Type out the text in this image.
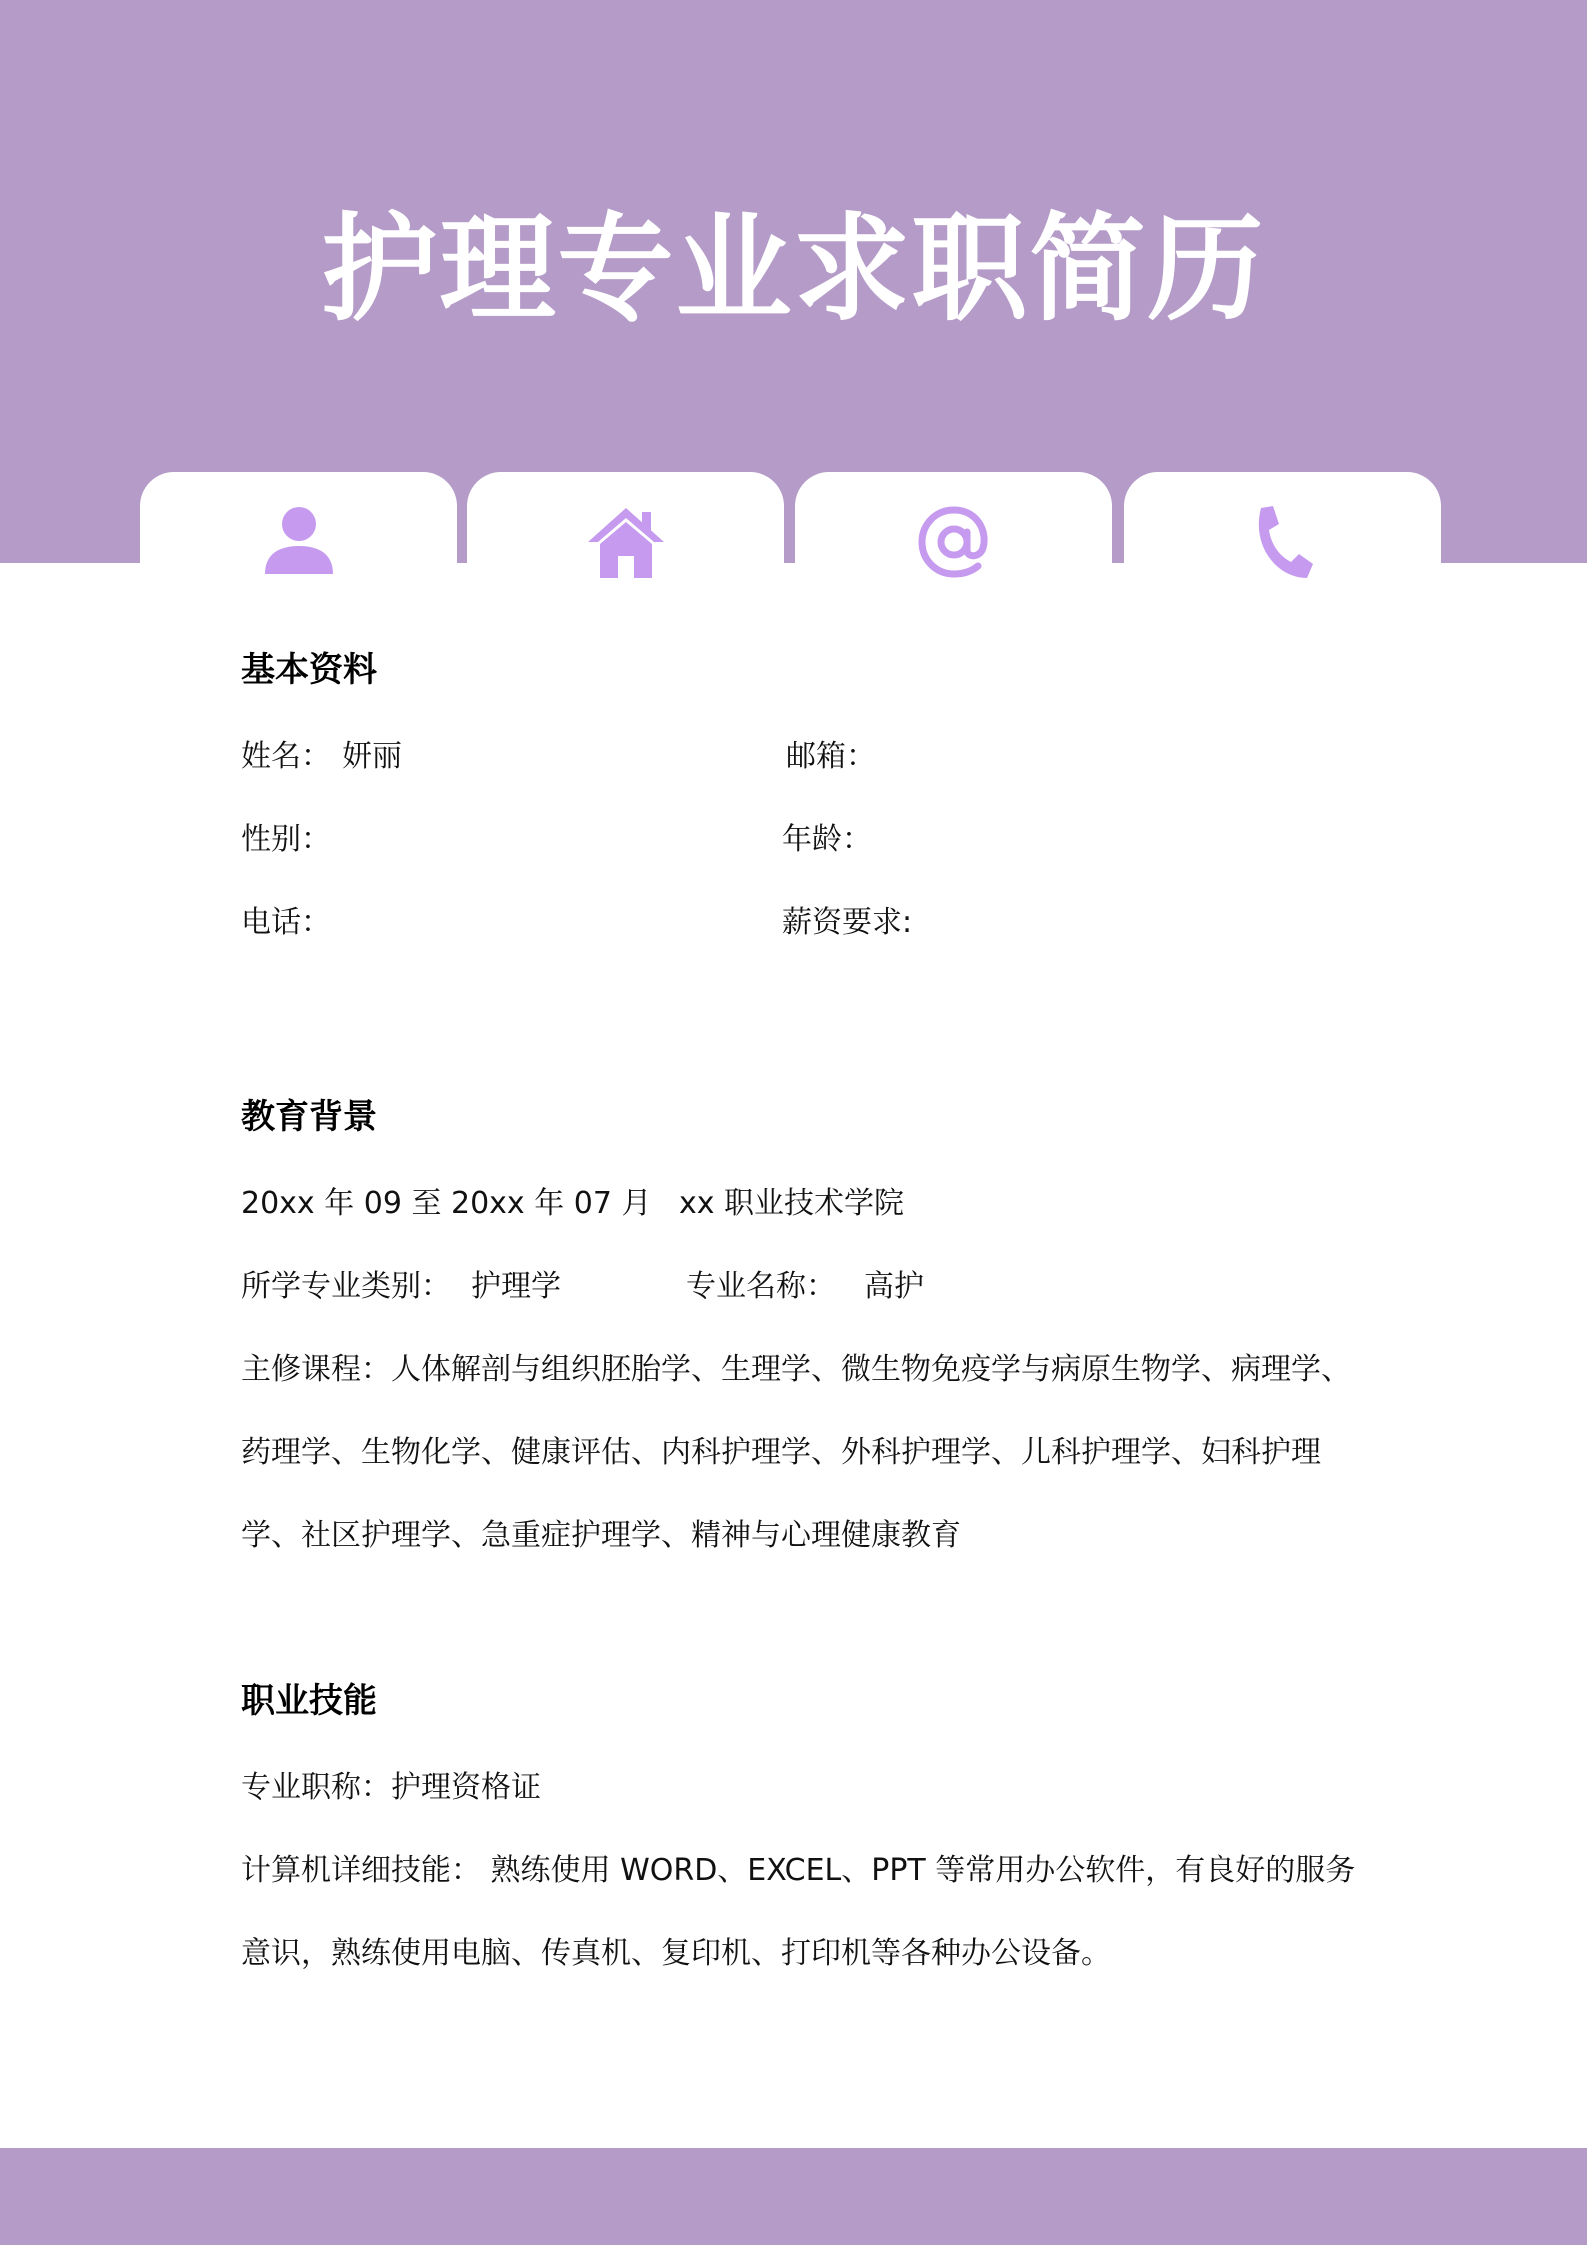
护理专业求职简历
基本资料
姓名： 妍丽	邮箱：
性别：	年龄：
电话：	薪资要求:
教育背景
20xx 年 09 至 20xx 年 07 月 xx 职业技术学院
所学专业类别： 护理学	专业名称： 高护

主修课程：人体解剖与组织胚胎学、生理学、微生物免疫学与病原生物学、病理学、药理学、生物化学、健康评估、内科护理学、外科护理学、儿科护理学、妇科护理学、社区护理学、急重症护理学、精神与心理健康教育

职业技能

专业职称：护理资格证

计算机详细技能： 熟练使用 WORD、EXCEL、PPT 等常用办公软件，有良好的服务意识，熟练使用电脑、传真机、复印机、打印机等各种办公设备。
